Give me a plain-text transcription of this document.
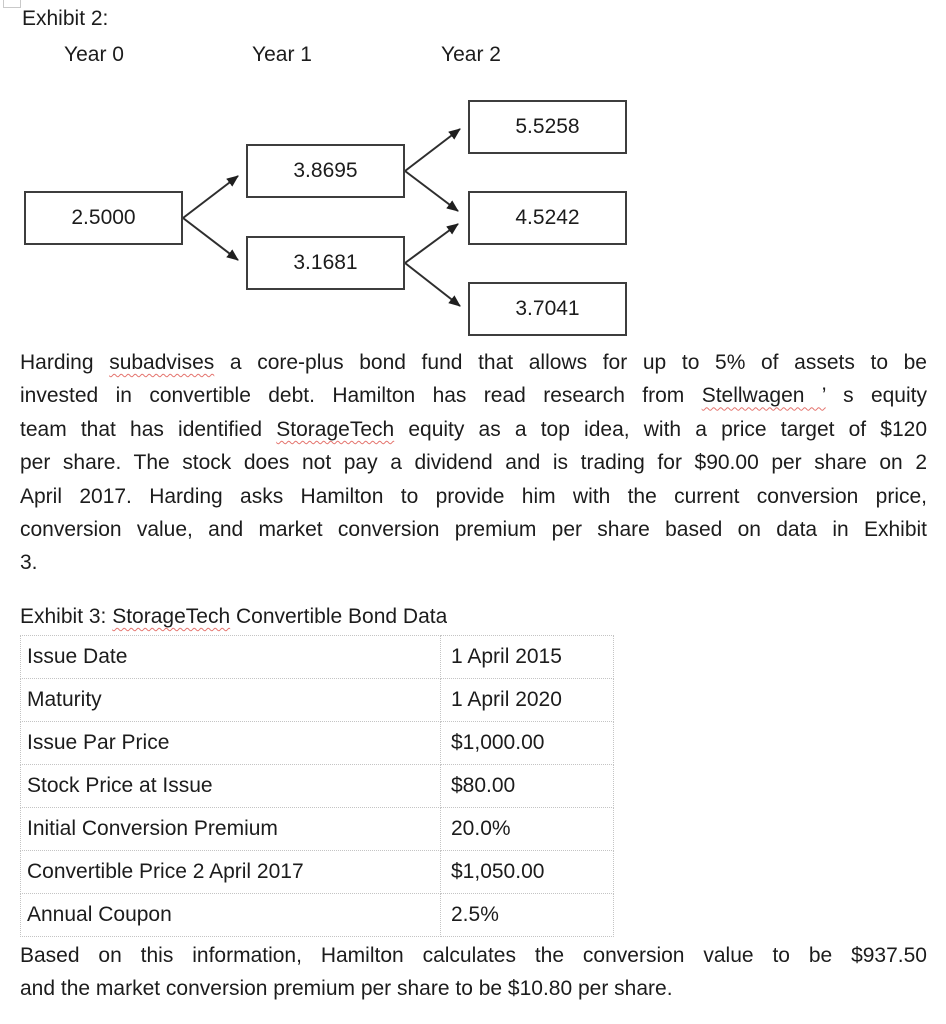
Exhibit 2:
Year 0	Year 1	Year 2
2.5000
3.8695
3.1681
5.5258
4.5242
3.7041
Harding subadvises a core-plus bond fund that allows for up to 5% of assets to be
invested in convertible debt. Hamilton has read research from Stellwagen ’ s equity
team that has identified StorageTech equity as a top idea, with a price target of $120
per share. The stock does not pay a dividend and is trading for $90.00 per share on 2
April 2017. Harding asks Hamilton to provide him with the current conversion price,
conversion value, and market conversion premium per share based on data in Exhibit
3.
Exhibit 3: StorageTech Convertible Bond Data
Issue Date	1 April 2015
Maturity	1 April 2020
Issue Par Price	$1,000.00
Stock Price at Issue	$80.00
Initial Conversion Premium	20.0%
Convertible Price 2 April 2017	$1,050.00
Annual Coupon	2.5%
Based on this information, Hamilton calculates the conversion value to be $937.50
and the market conversion premium per share to be $10.80 per share.
